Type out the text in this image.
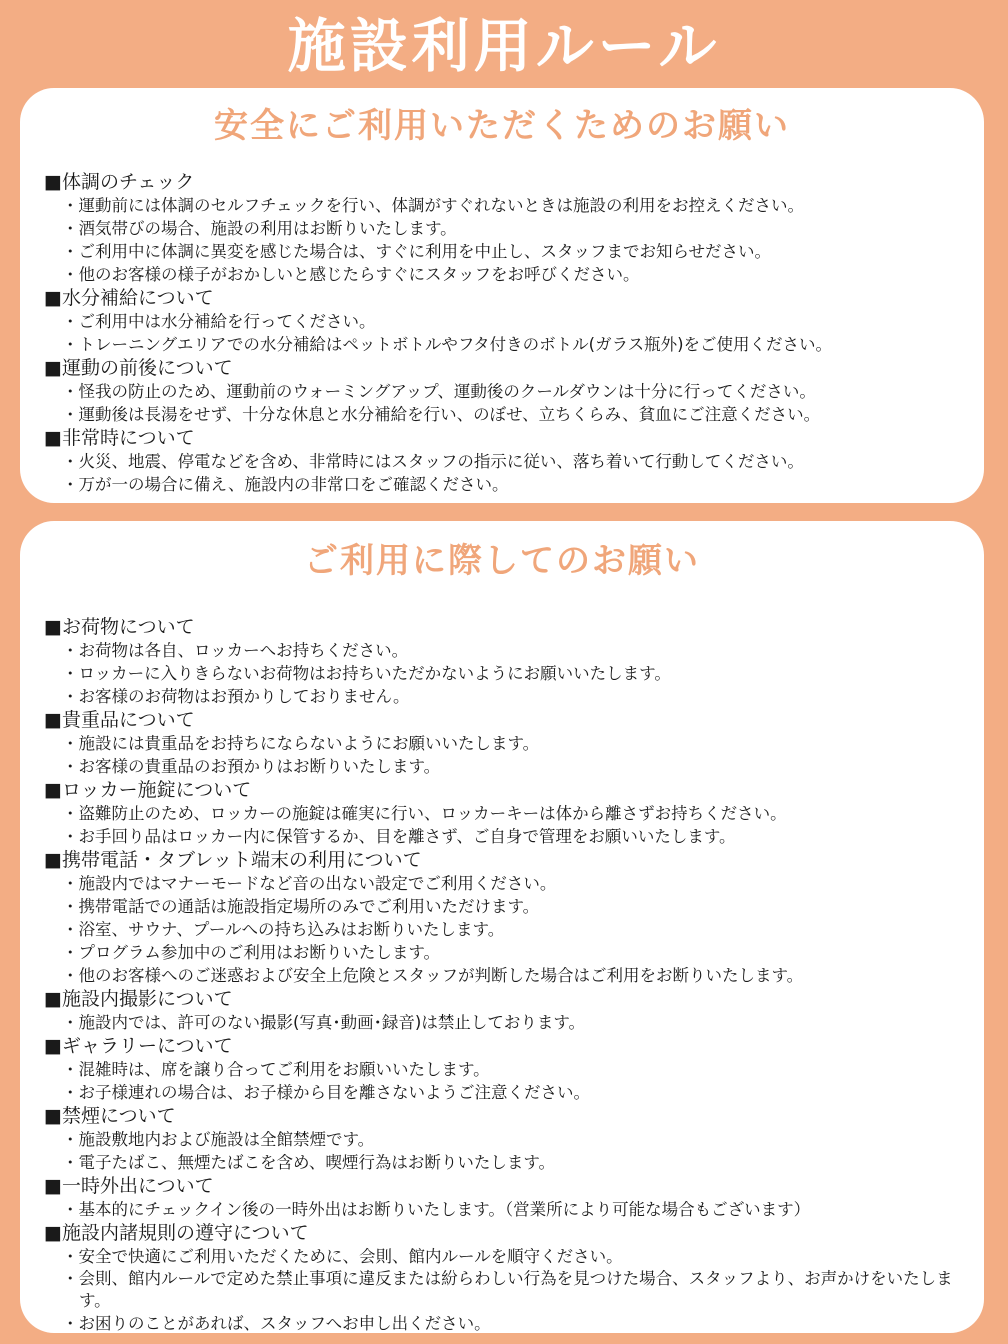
施設利用ルール
安全にご利用いただくためのお願い
■体調のチェック
・ 運動前には体調のセルフチェックを行い、体調がすぐれないときは施設の利用をお控えください。
・ 酒気帯びの場合、施設の利用はお断りいたします。
・ ご利用中に体調に異変を感じた場合は、すぐに利用を中止し、スタッフまでお知らせださい。
・ 他のお客様の様子がおかしいと感じたらすぐにスタッフをお呼びください。
■水分補給について
・ ご利用中は水分補給を行ってください。
・ トレーニングエリアでの水分補給はペットボトルやフタ付きのボトル(ガラス瓶外)をご使用ください。
■運動の前後について
・ 怪我の防止のため、運動前のウォーミングアップ、運動後のクールダウンは十分に行ってください。
・ 運動後は長湯をせず、十分な休息と水分補給を行い、のぼせ、立ちくらみ、貧血にご注意ください。
■非常時について
・ 火災、地震、停電などを含め、非常時にはスタッフの指示に従い、落ち着いて行動してください。
・ 万が一の場合に備え、施設内の非常口をご確認ください。
ご利用に際してのお願い
■お荷物について
・ お荷物は各自、ロッカーへお持ちください。
・ ロッカーに入りきらないお荷物はお持ちいただかないようにお願いいたします。
・ お客様のお荷物はお預かりしておりません。
■貴重品について
・ 施設には貴重品をお持ちにならないようにお願いいたします。
・ お客様の貴重品のお預かりはお断りいたします。
■ロッカー施錠について
・ 盗難防止のため、ロッカーの施錠は確実に行い、ロッカーキーは体から離さずお持ちください。
・ お手回り品はロッカー内に保管するか、目を離さず、ご自身で管理をお願いいたします。
■携帯電話・タブレット端末の利用について
・ 施設内ではマナーモードなど音の出ない設定でご利用ください。
・ 携帯電話での通話は施設指定場所のみでご利用いただけます。
・ 浴室、サウナ、プールへの持ち込みはお断りいたします。
・ プログラム参加中のご利用はお断りいたします。
・ 他のお客様へのご迷惑および安全上危険とスタッフが判断した場合はご利用をお断りいたします。
■施設内撮影について
・ 施設内では、許可のない撮影(写真･動画･録音)は禁止しております。
■ギャラリーについて
・ 混雑時は、席を譲り合ってご利用をお願いいたします。
・ お子様連れの場合は、お子様から目を離さないようご注意ください。
■禁煙について
・ 施設敷地内および施設は全館禁煙です。
・ 電子たばこ、無煙たばこを含め、喫煙行為はお断りいたします。
■一時外出について
・ 基本的にチェックイン後の一時外出はお断りいたします。（営業所により可能な場合もございます）
■施設内諸規則の遵守について
・ 安全で快適にご利用いただくために、会則、館内ルールを順守ください。
・ 会則、館内ルールで定めた禁止事項に違反または紛らわしい行為を見つけた場合、スタッフより、お声かけをいたします。
・ お困りのことがあれば、スタッフへお申し出ください。
